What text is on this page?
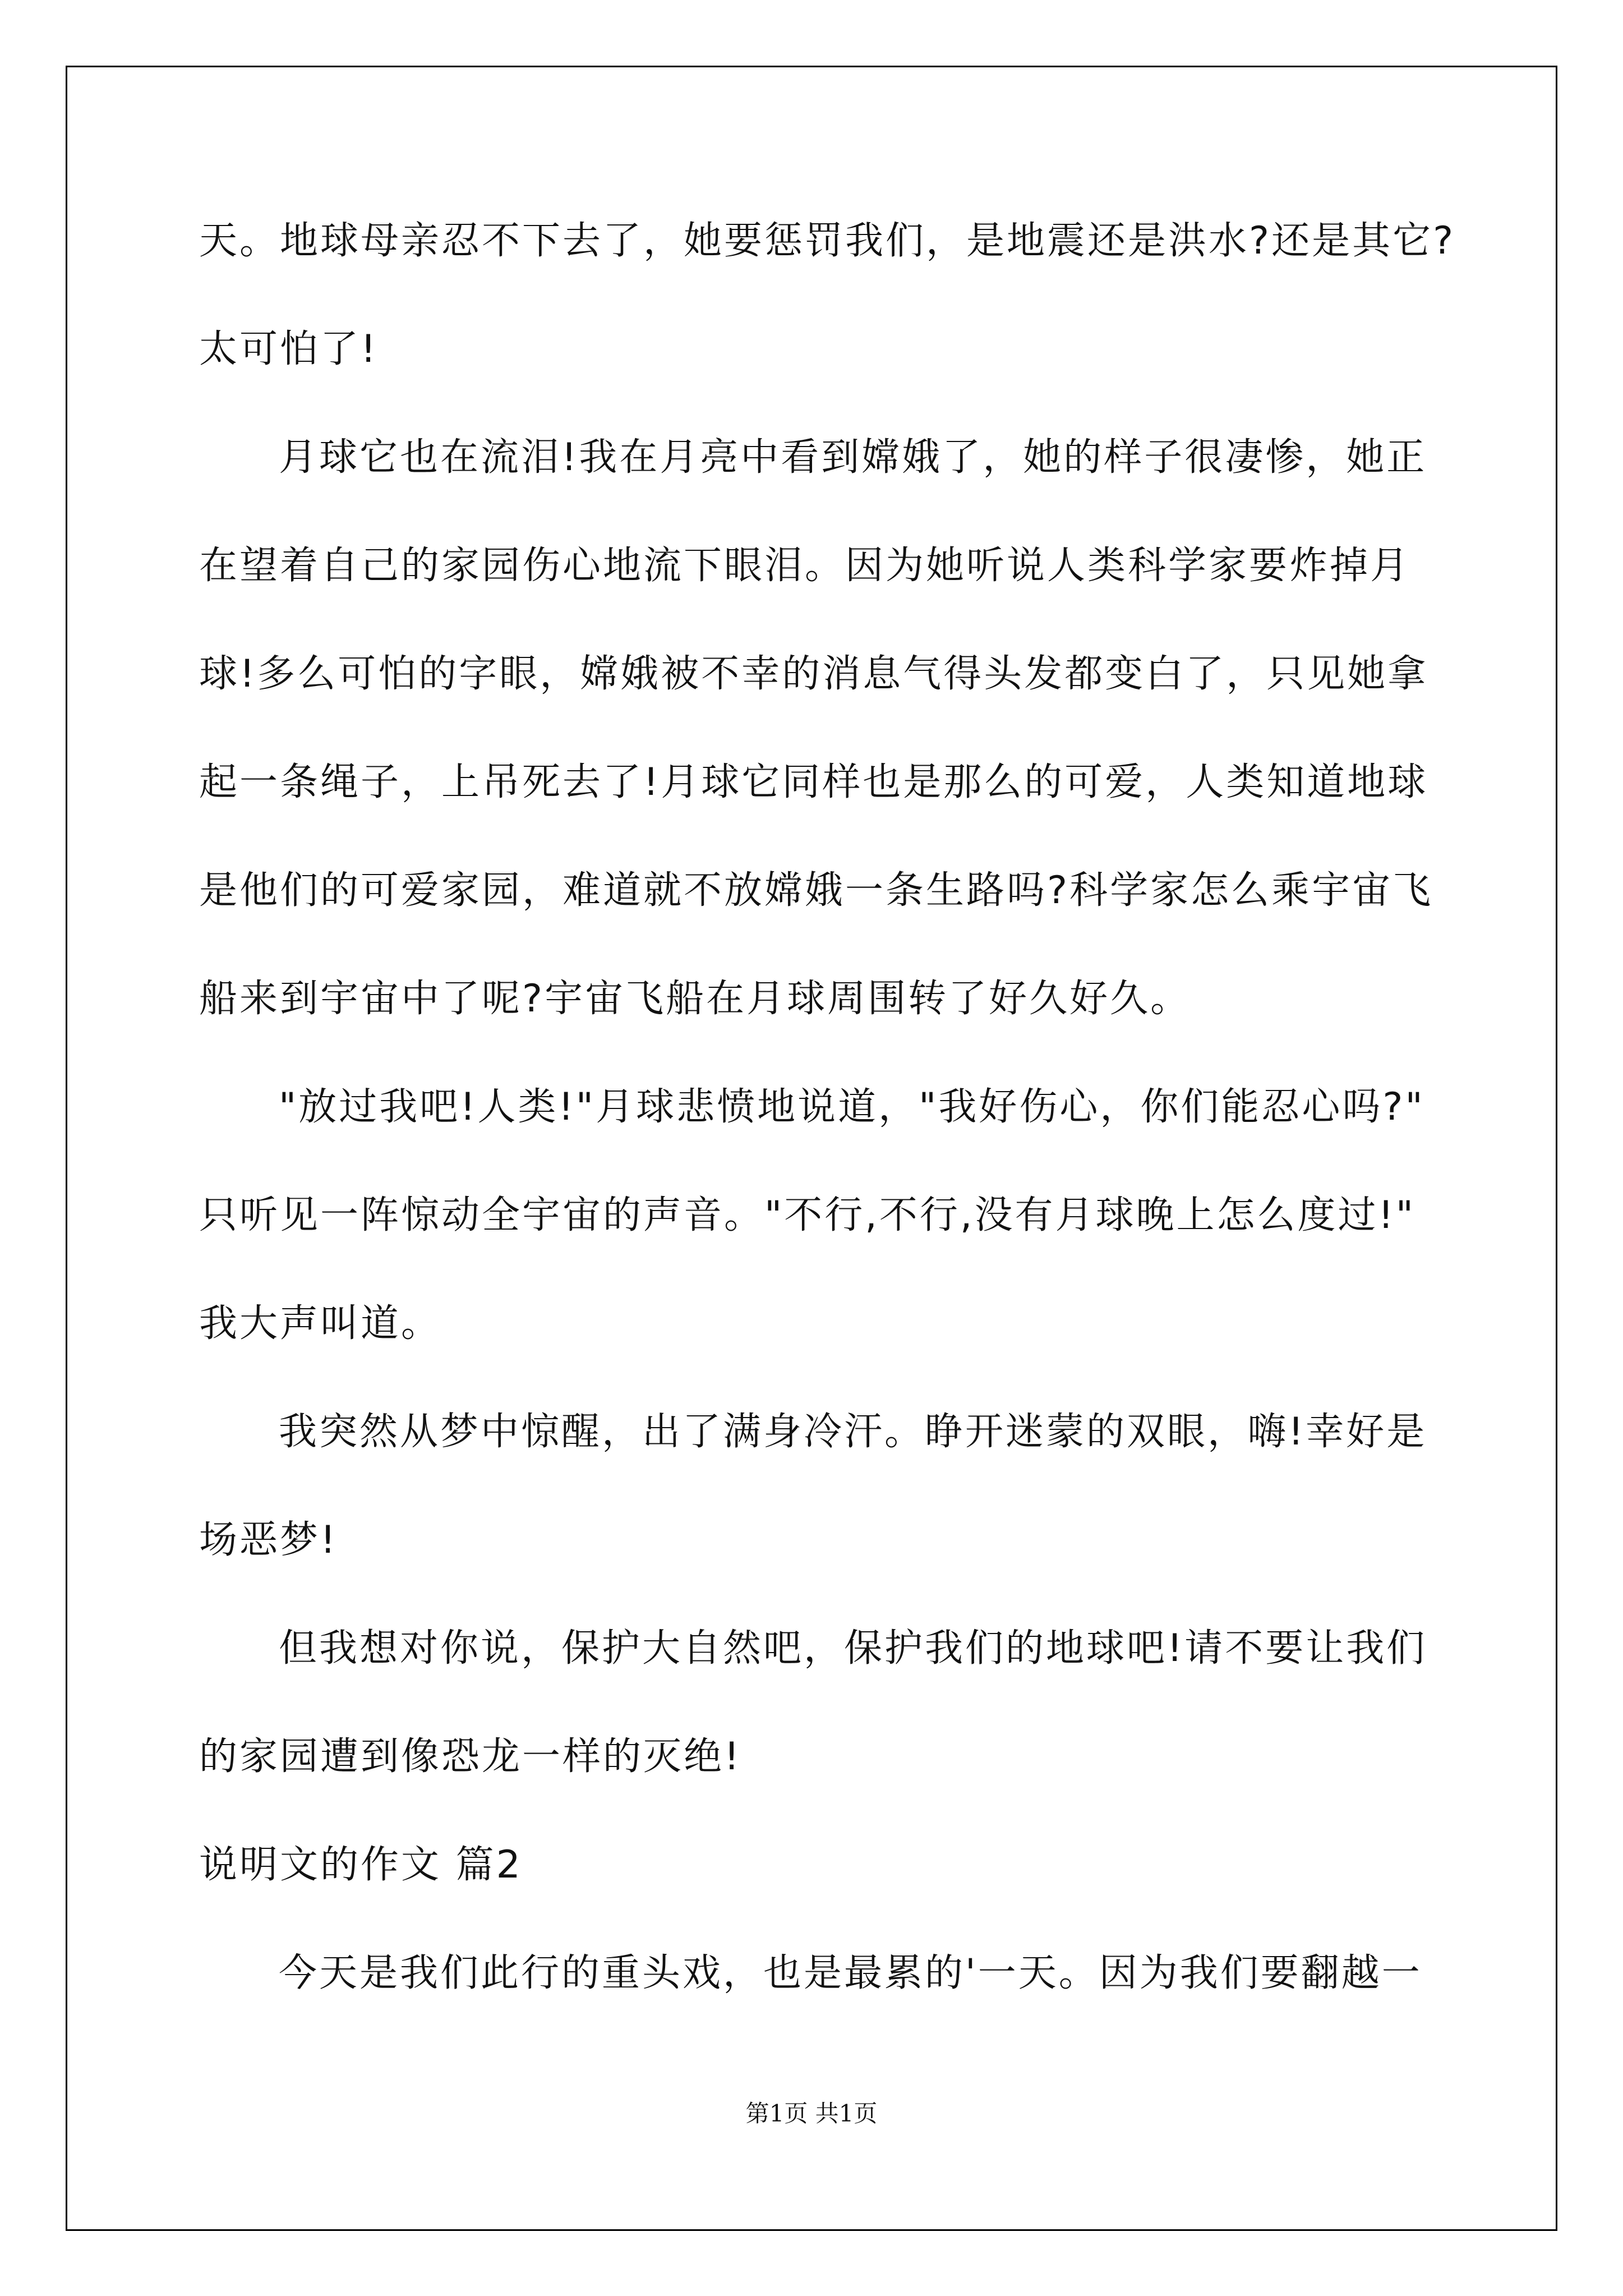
天。地球母亲忍不下去了，她要惩罚我们，是地震还是洪水?还是其它?
太可怕了!
月球它也在流泪!我在月亮中看到嫦娥了，她的样子很凄惨，她正
在望着自己的家园伤心地流下眼泪。因为她听说人类科学家要炸掉月
球!多么可怕的字眼，嫦娥被不幸的消息气得头发都变白了，只见她拿
起一条绳子，上吊死去了!月球它同样也是那么的可爱，人类知道地球
是他们的可爱家园，难道就不放嫦娥一条生路吗?科学家怎么乘宇宙飞
船来到宇宙中了呢?宇宙飞船在月球周围转了好久好久。
"放过我吧!人类!"月球悲愤地说道，"我好伤心，你们能忍心吗?"
只听见一阵惊动全宇宙的声音。"不行,不行,没有月球晚上怎么度过!"
我大声叫道。
我突然从梦中惊醒，出了满身冷汗。睁开迷蒙的双眼，嗨!幸好是
场恶梦!
但我想对你说，保护大自然吧，保护我们的地球吧!请不要让我们
的家园遭到像恐龙一样的灭绝!
说明文的作文 篇2
今天是我们此行的重头戏，也是最累的'一天。因为我们要翻越一
第1页 共1页
